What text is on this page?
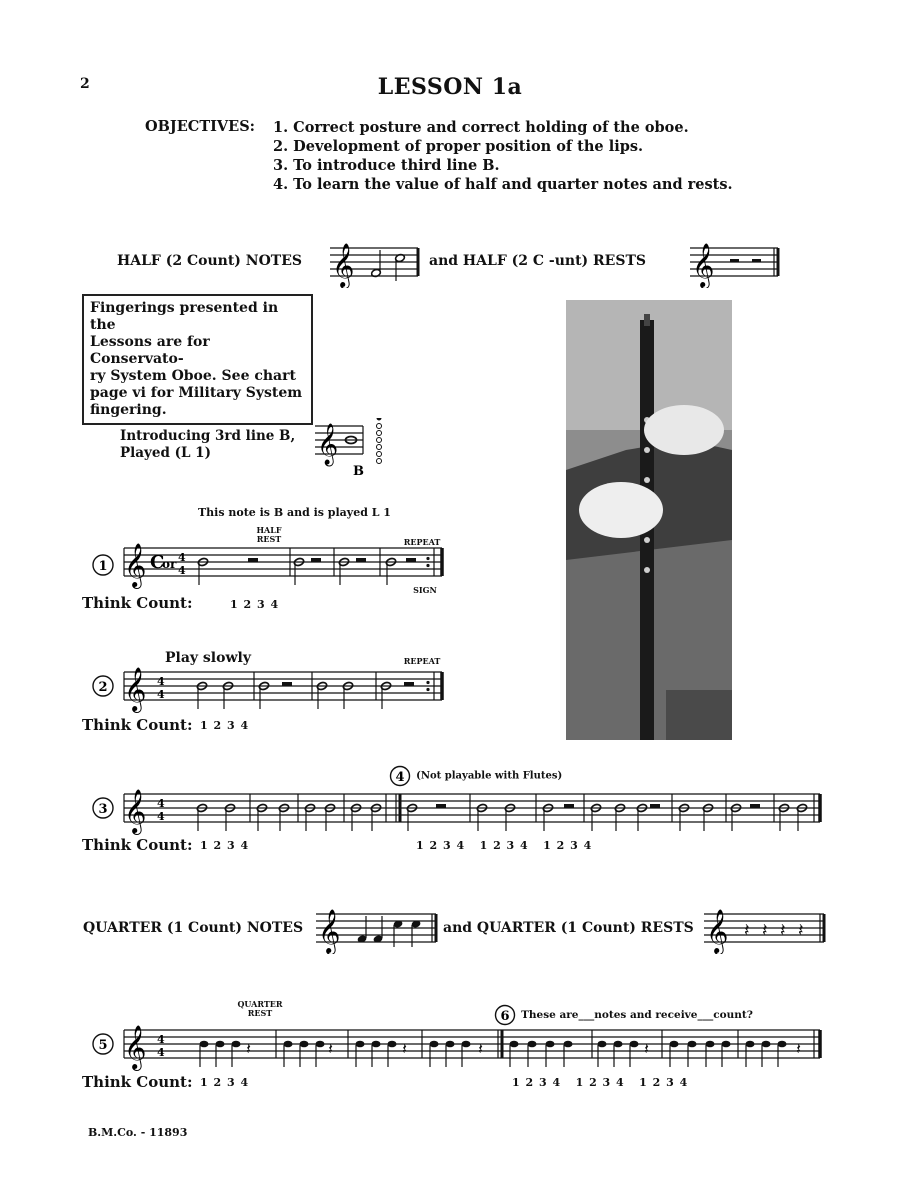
2	LESSON 1a
OBJECTIVES: 1. Correct posture and correct holding of the oboe.
2. Development of proper position of the lips.
3. To introduce third line B.
4. To learn the value of half and quarter notes and rests.
HALF (2 Count) NOTES 𝄞	and HALF (2 C -unt) RESTS 𝄞
Fingerings presented in the
Lessons are for Conservato-
ry System Oboe. See chart
page vi for Military System
fingering.
Introducing 3rd line B,
Played (L 1)	𝄞
B
This note is B and is played L 1
HALF REST	REPEAT
SIGN
1 𝄞 C
or 4
4
Think Count:	1 2 3 4
Play slowly	REPEAT
2 𝄞 4
4
Think Count: 1 2 3 4
4 (Not playable with Flutes)
3 𝄞 4
4
Think Count: 1 2 3 4	1 2 3 4   1 2 3 4   1 2 3 4
QUARTER (1 Count) NOTES 𝄞	and QUARTER (1 Count) RESTS 𝄞 𝄽 𝄽 𝄽 𝄽
QUARTER REST	6 These are___notes and receive___count?
5 𝄞 4
4	𝄽	𝄽	𝄽	𝄽	𝄽	𝄽
Think Count: 1 2 3 4	1 2 3 4   1 2 3 4   1 2 3 4
B.M.Co. - 11893
